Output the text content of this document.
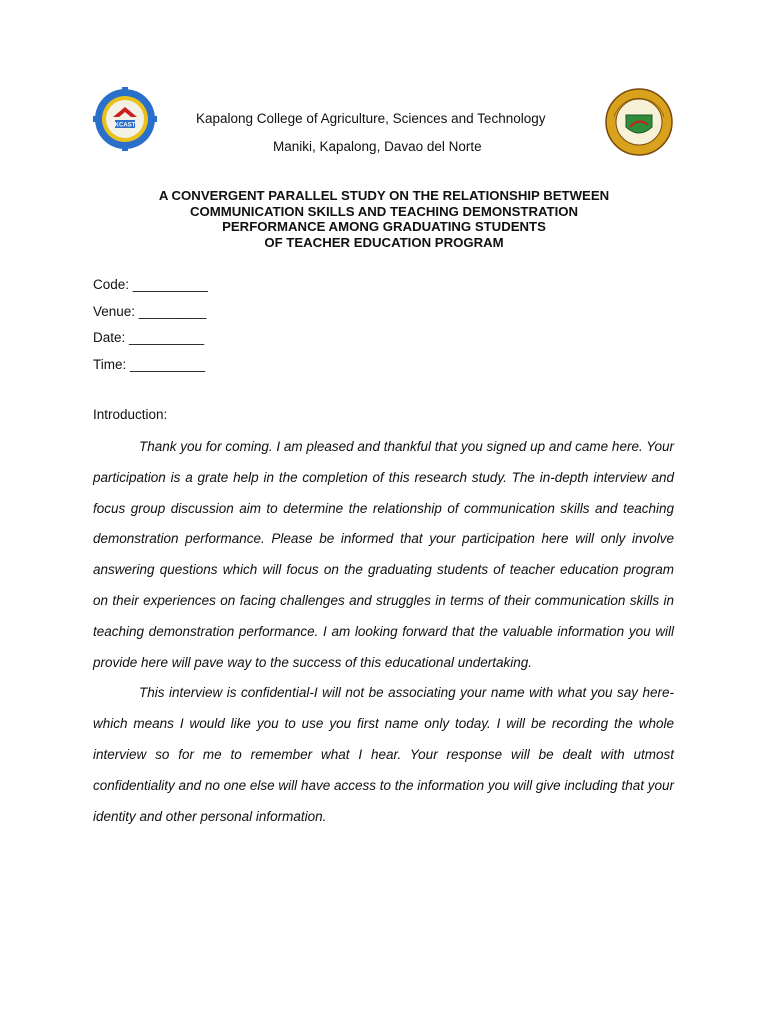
KCAST	Kapalong College of Agriculture, Sciences and Technology
Maniki, Kapalong, Davao del Norte
A CONVERGENT PARALLEL STUDY ON THE RELATIONSHIP BETWEEN
COMMUNICATION SKILLS AND TEACHING DEMONSTRATION
PERFORMANCE AMONG GRADUATING STUDENTS
OF TEACHER EDUCATION PROGRAM
Code: __________
Venue: _________
Date: __________
Time: __________
Introduction:

Thank you for coming. I am pleased and thankful that you signed up and came here. Your participation is a grate help in the completion of this research study. The in-depth interview and focus group discussion aim to determine the relationship of communication skills and teaching demonstration performance. Please be informed that your participation here will only involve answering questions which will focus on the graduating students of teacher education program on their experiences on facing challenges and struggles in terms of their communication skills in teaching demonstration performance. I am looking forward that the valuable information you will provide here will pave way to the success of this educational undertaking.

This interview is confidential-I will not be associating your name with what you say here-which means I would like you to use you first name only today. I will be recording the whole interview so for me to remember what I hear. Your response will be dealt with utmost confidentiality and no one else will have access to the information you will give including that your identity and other personal information.
